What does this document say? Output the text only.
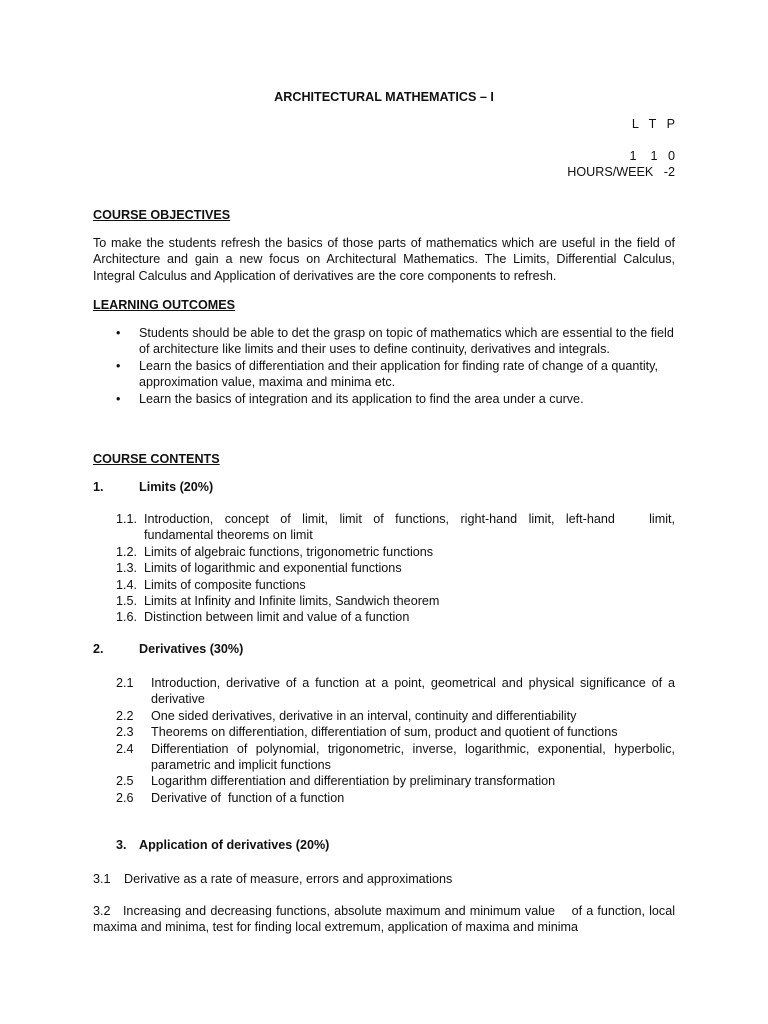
ARCHITECTURAL MATHEMATICS – I
L   T   P
1    1   0
HOURS/WEEK   -2
COURSE OBJECTIVES
To make the students refresh the basics of those parts of mathematics which are useful in the field of Architecture and gain a new focus on Architectural Mathematics. The Limits, Differential Calculus, Integral Calculus and Application of derivatives are the core components to refresh.
LEARNING OUTCOMES
• Students should be able to det the grasp on topic of mathematics which are essential to the field of architecture like limits and their uses to define continuity, derivatives and integrals.
• Learn the basics of differentiation and their application for finding rate of change of a quantity, approximation value, maxima and minima etc.
• Learn the basics of integration and its application to find the area under a curve.
COURSE CONTENTS
1.	Limits (20%)
1.1. Introduction,  concept  of  limit,  limit  of  functions,  right-hand  limit,  left-hand      limit,
fundamental theorems on limit
1.2. Limits of algebraic functions, trigonometric functions
1.3. Limits of logarithmic and exponential functions
1.4. Limits of composite functions
1.5. Limits at Infinity and Infinite limits, Sandwich theorem
1.6. Distinction between limit and value of a function
2.	Derivatives (30%)
2.1 Introduction, derivative of a function at a point, geometrical and physical significance of a
derivative
2.2 One sided derivatives, derivative in an interval, continuity and differentiability
2.3 Theorems on differentiation, differentiation of sum, product and quotient of functions
2.4 Differentiation of polynomial, trigonometric, inverse, logarithmic, exponential, hyperbolic,
parametric and implicit functions
2.5 Logarithm differentiation and differentiation by preliminary transformation
2.6 Derivative of  function of a function
3. Application of derivatives (20%)
3.1 Derivative as a rate of measure, errors and approximations
3.2 Increasing and decreasing functions, absolute maximum and minimum value    of a function, local
maxima and minima, test for finding local extremum, application of maxima and minima
